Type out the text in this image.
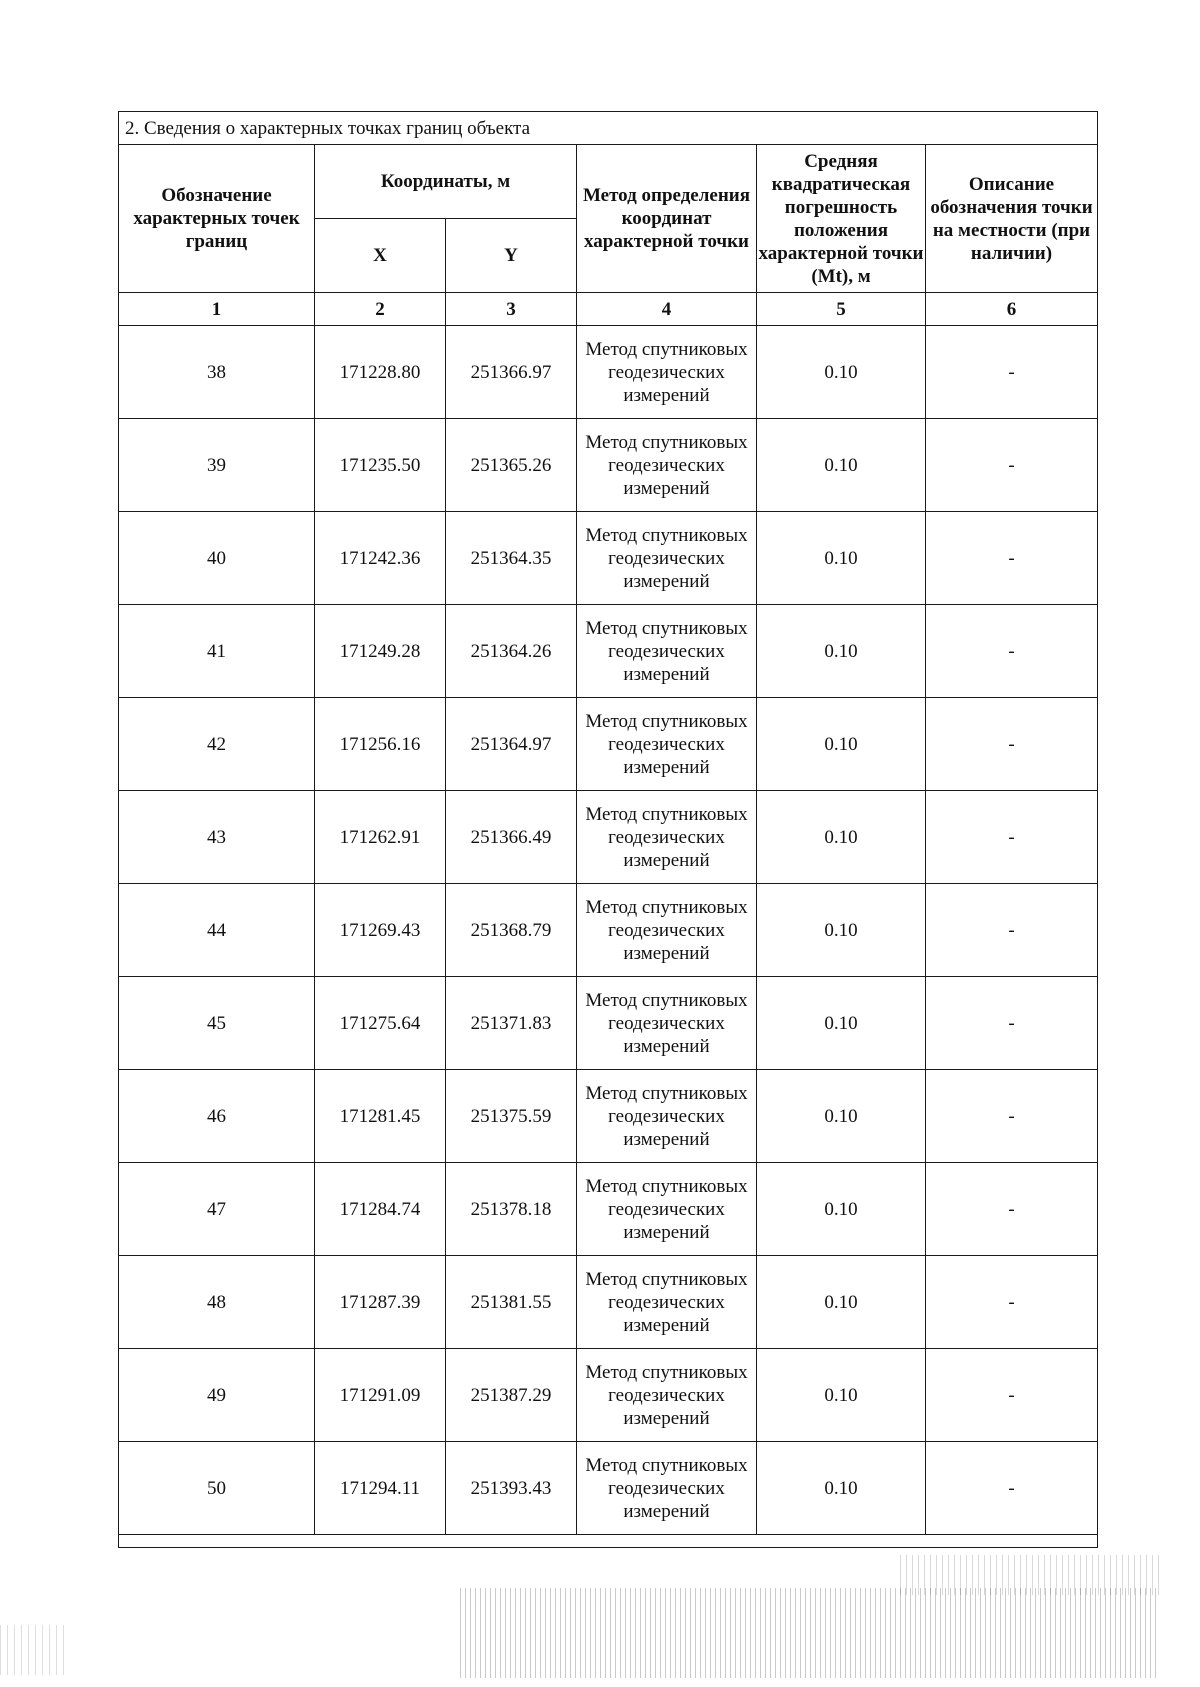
2. Сведения о характерных точках границ объекта					
Обозначение характерных точек границ	Координаты, м		Метод определения координат характерной точки	Средняя квадратическая погрешность положения характерной точки (Mt), м	Описание обозначения точки на местности (при наличии)
	X	Y			
1	2	3	4	5	6
38	171228.80	251366.97	Метод спутниковых геодезических измерений	0.10	-
39	171235.50	251365.26	Метод спутниковых геодезических измерений	0.10	-
40	171242.36	251364.35	Метод спутниковых геодезических измерений	0.10	-
41	171249.28	251364.26	Метод спутниковых геодезических измерений	0.10	-
42	171256.16	251364.97	Метод спутниковых геодезических измерений	0.10	-
43	171262.91	251366.49	Метод спутниковых геодезических измерений	0.10	-
44	171269.43	251368.79	Метод спутниковых геодезических измерений	0.10	-
45	171275.64	251371.83	Метод спутниковых геодезических измерений	0.10	-
46	171281.45	251375.59	Метод спутниковых геодезических измерений	0.10	-
47	171284.74	251378.18	Метод спутниковых геодезических измерений	0.10	-
48	171287.39	251381.55	Метод спутниковых геодезических измерений	0.10	-
49	171291.09	251387.29	Метод спутниковых геодезических измерений	0.10	-
50	171294.11	251393.43	Метод спутниковых геодезических измерений	0.10	-
